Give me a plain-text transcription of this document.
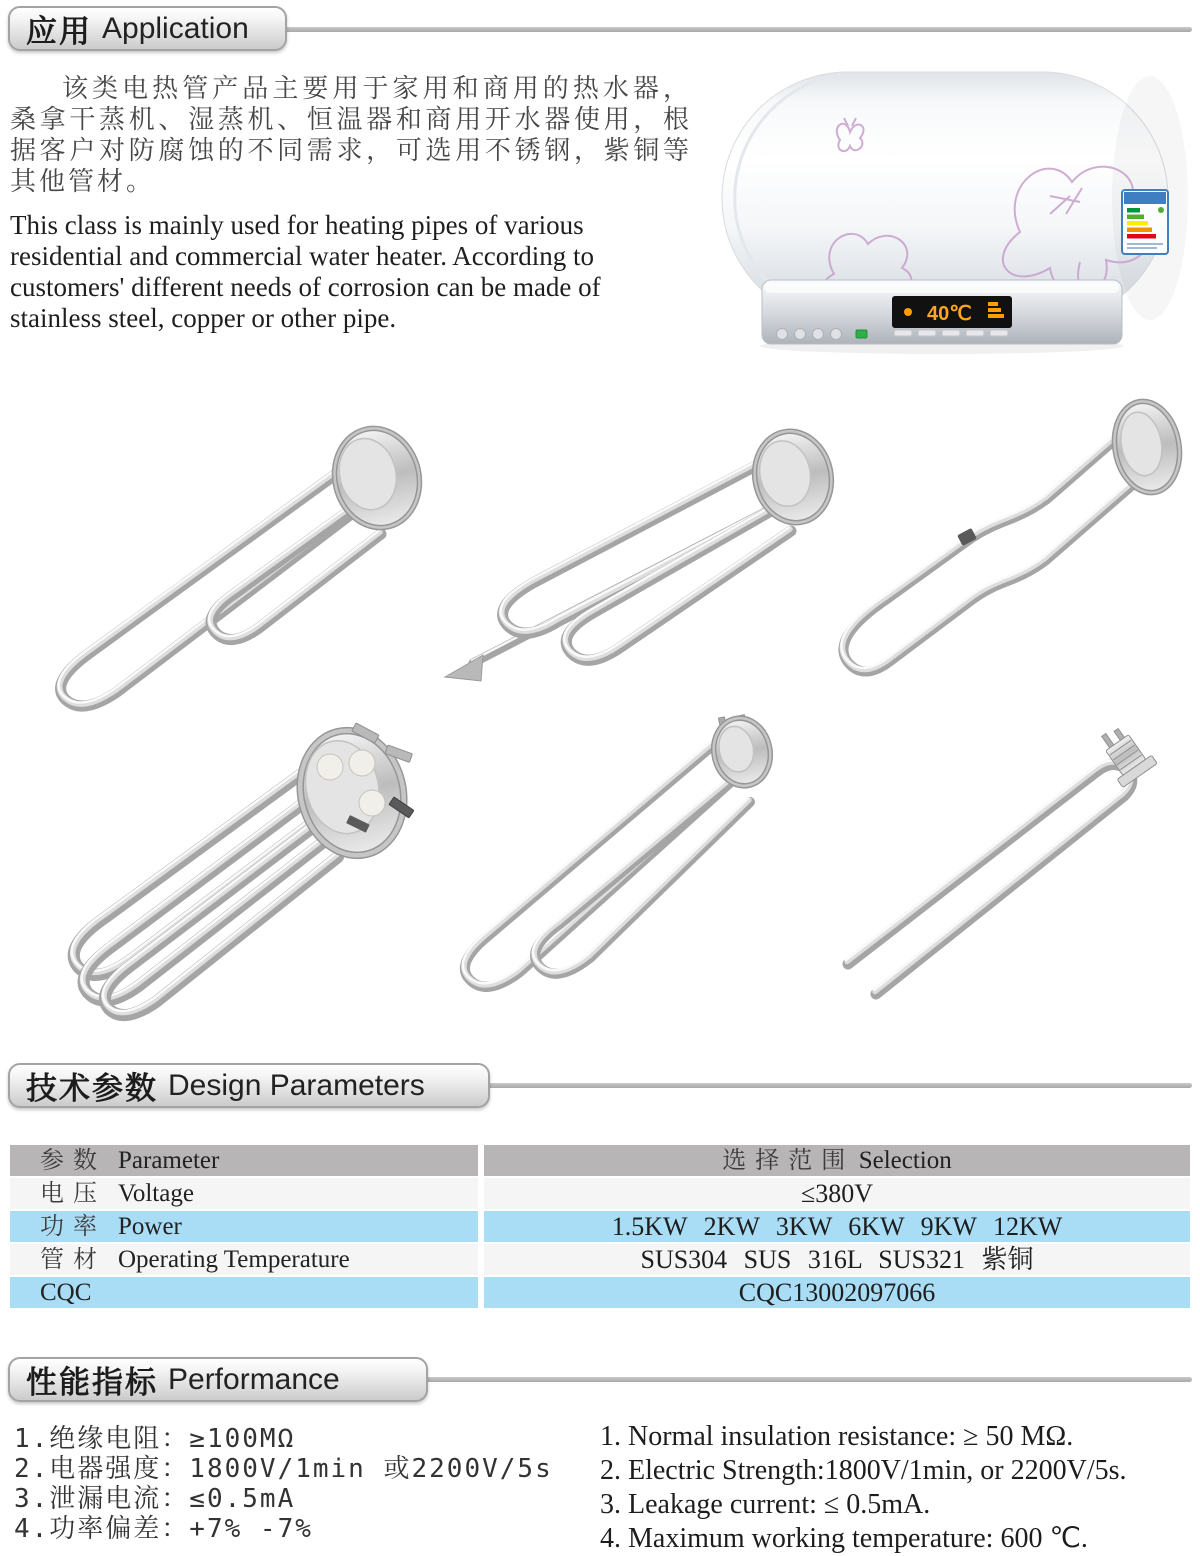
应用 Application

该类电热管产品主要用于家用和商用的热水器，桑拿干蒸机、湿蒸机、恒温器和商用开水器使用，根据客户对防腐蚀的不同需求，可选用不锈钢，紫铜等其他管材。

This class is mainly used for heating pipes of various residential and commercial water heater. According to customers' different needs of corrosion can be made of stainless steel, copper or other pipe.	40℃
技术参数 Design Parameters
参数 Parameter	选择范围 Selection
电压 Voltage	≤380V
功率 Power	1.5KW 2KW 3KW 6KW 9KW 12KW
管材 Operating Temperature	SUS304 SUS 316L SUS321 紫铜
CQC	CQC13002097066
性能指标 Performance
1.绝缘电阻：≥100MΩ
2.电器强度：1800V/1min 或2200V/5s
3.泄漏电流：≤0.5mA
4.功率偏差：+7% -7%
1. Normal insulation resistance: ≥ 50 MΩ.
2. Electric Strength:1800V/1min, or 2200V/5s.
3. Leakage current: ≤ 0.5mA.
4. Maximum working temperature: 600 ℃.
